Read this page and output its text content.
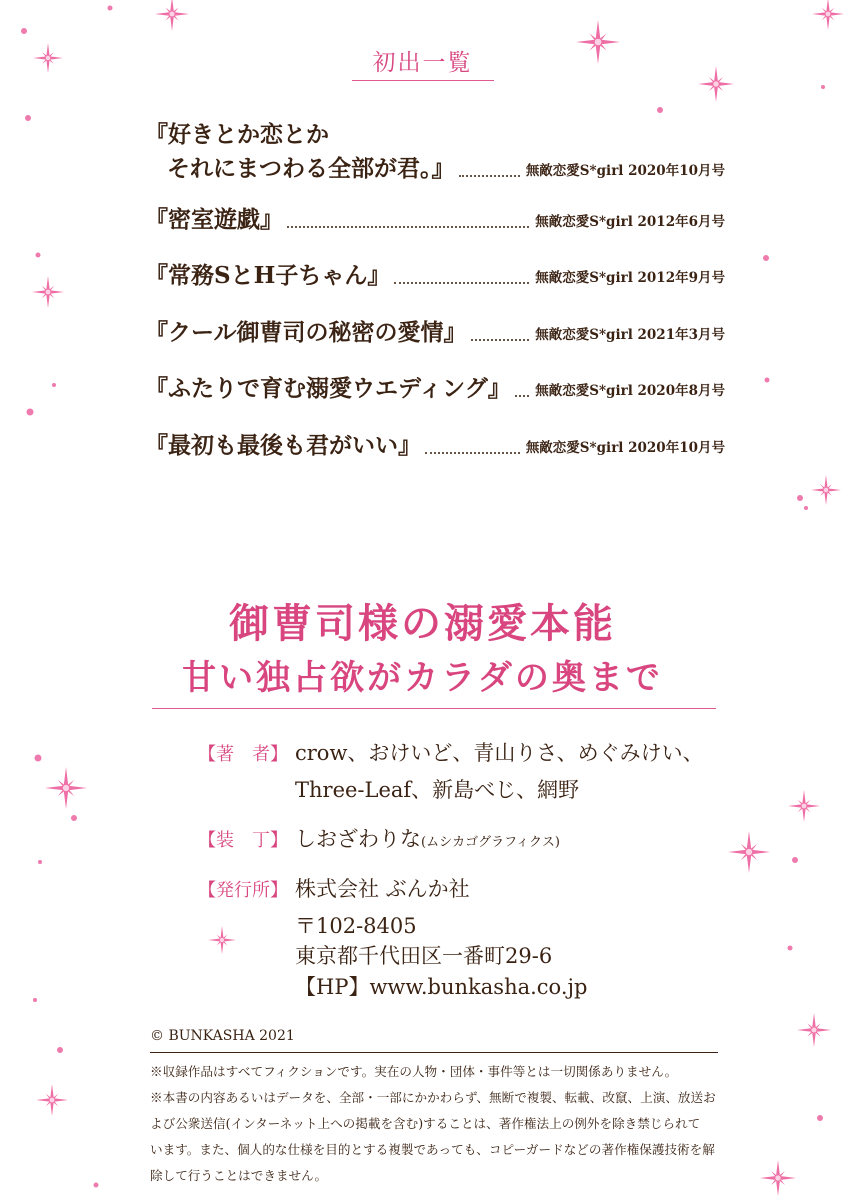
初出一覧
『好きとか恋とか
それにまつわる全部が君。』	無敵恋愛S*girl 2020年10月号
『密室遊戯』	無敵恋愛S*girl 2012年6月号
『常務SとH子ちゃん』	無敵恋愛S*girl 2012年9月号
『クール御曹司の秘密の愛情』	無敵恋愛S*girl 2021年3月号
『ふたりで育む溺愛ウエディング』 無敵恋愛S*girl 2020年8月号
『最初も最後も君がいい』	無敵恋愛S*girl 2020年10月号
御曹司様の溺愛本能
甘い独占欲がカラダの奥まで
【著　者】 crow、おけいど、青山りさ、めぐみけい、
Three-Leaf、新島べじ、網野
【装　丁】 しおざわりな(ムシカゴグラフィクス)
【発行所】 株式会社 ぶんか社
〒102-8405
東京都千代田区一番町29-6
【HP】www.bunkasha.co.jp
© BUNKASHA 2021
※収録作品はすべてフィクションです。実在の人物・団体・事件等とは一切関係ありません。
※本書の内容あるいはデータを、全部・一部にかかわらず、無断で複製、転載、改竄、上演、放送お
よび公衆送信(インターネット上への掲載を含む)することは、著作権法上の例外を除き禁じられて
います。また、個人的な仕様を目的とする複製であっても、コピーガードなどの著作権保護技術を解
除して行うことはできません。
